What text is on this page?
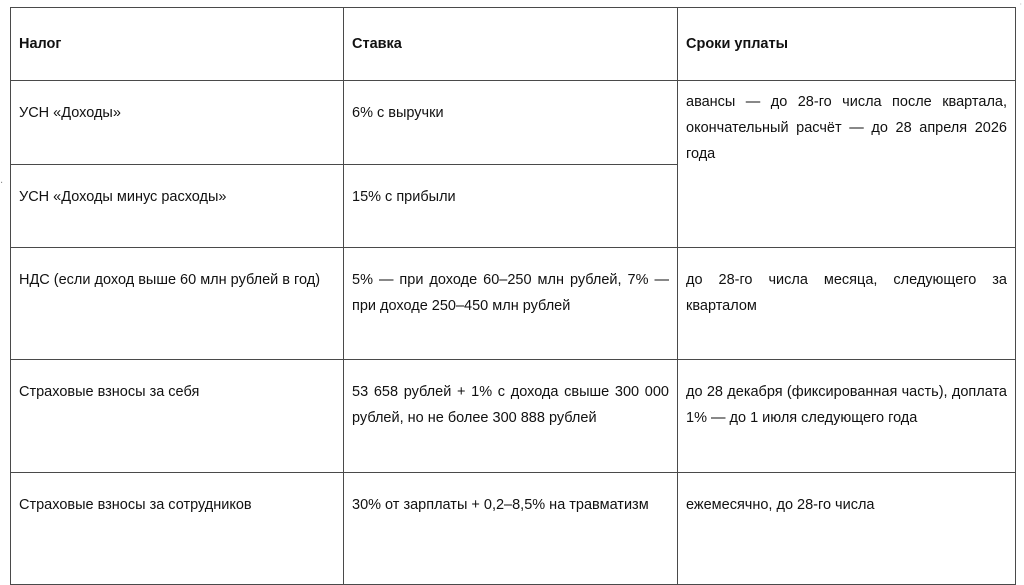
·
·
Налог	Ставка	Сроки уплаты
УСН «Доходы»	6% с выручки	авансы — до 28-го числа после квартала, окончательный расчёт — до 28 апреля 2026 года
УСН «Доходы минус расходы»	15% с прибыли	
НДС (если доход выше 60 млн рублей в год)	5% — при доходе 60–250 млн рублей, 7% — при доходе 250–450 млн рублей	до 28-го числа месяца, следующего за кварталом
Страховые взносы за себя	53 658 рублей + 1% с дохода свыше 300 000 рублей, но не более 300 888 рублей	до 28 декабря (фиксированная часть), доплата 1% — до 1 июля следующего года
Страховые взносы за сотрудников	30% от зарплаты + 0,2–8,5% на травматизм	ежемесячно, до 28-го числа
